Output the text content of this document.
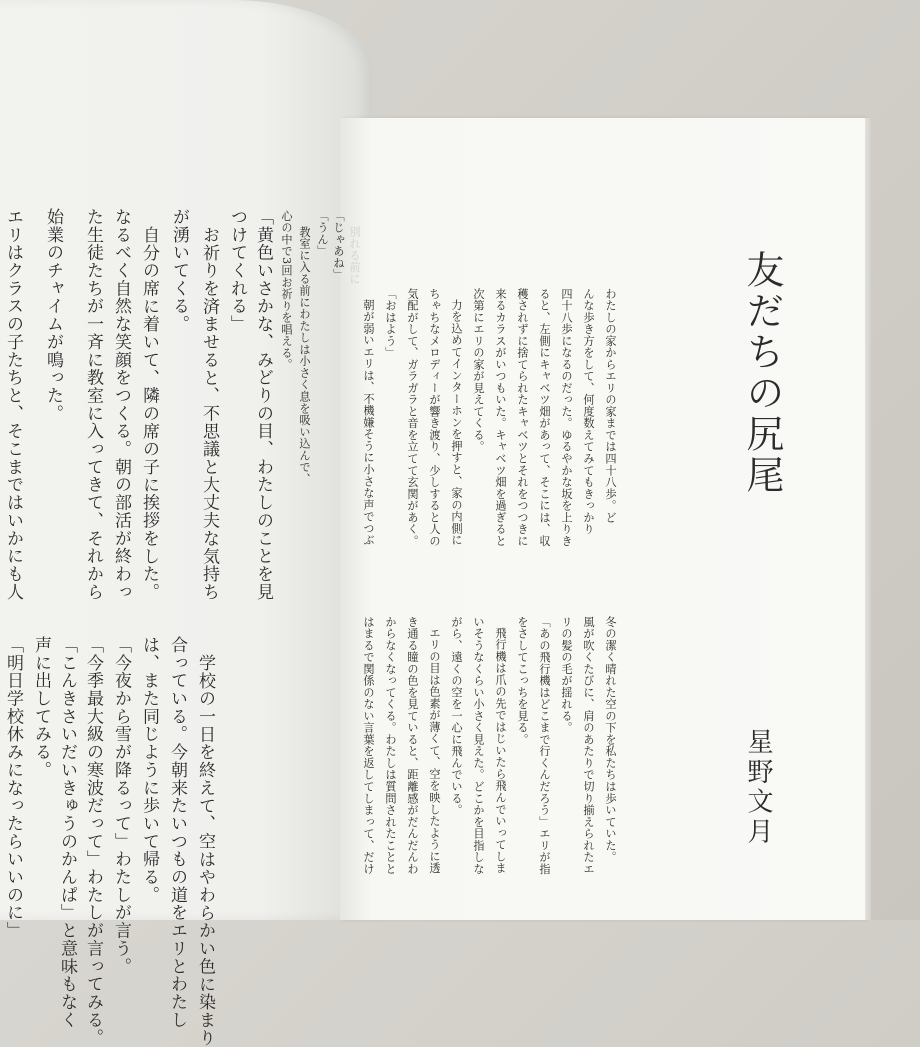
友だちの尻尾
星野文月
わたしの家からエリの家までは四十八歩。ど
んな歩き方をして、何度数えてみてもきっかり
四十八歩になるのだった。ゆるやかな坂を上りき
ると、左側にキャベツ畑があって、そこには、収
穫されずに捨てられたキャベツとそれをつつきに
来るカラスがいつもいた。キャベツ畑を過ぎると
次第にエリの家が見えてくる。
力を込めてインターホンを押すと、家の内側に
ちゃちなメロディーが響き渡り、少しすると人の
気配がして、ガラガラと音を立てて玄関があく。
「おはよう」
朝が弱いエリは、不機嫌そうに小さな声でつぶ
冬の潔く晴れた空の下を私たちは歩いていた。
風が吹くたびに、肩のあたりで切り揃えられたエ
リの髪の毛が揺れる。
「あの飛行機はどこまで行くんだろう」エリが指
をさしてこっちを見る。
飛行機は爪の先ではじいたら飛んでいってしま
いそうなくらい小さく見えた。どこかを目指しな
がら、遠くの空を一心に飛んでいる。
エリの目は色素が薄くて、空を映したように透
き通る瞳の色を見ていると、距離感がだんだんわ
からなくなってくる。わたしは質問されたことと
はまるで関係のない言葉を返してしまって、だけ
エリはクラスの子たちと、そこまではいかにも人 始業のチャイムが鳴った。 た生徒たちが一斉に教室に入ってきて、それから なるべく自然な笑顔をつくる。朝の部活が終わっ 自分の席に着いて、隣の席の子に挨拶をした。 が湧いてくる。 お祈りを済ませると、不思議と大丈夫な気持ち つけてくれる」 「黄色いさかな、みどりの目、わたしのことを見 心の中で3回お祈りを唱える。 教室に入る前にわたしは小さく息を吸い込んで、 「うん」 「じゃあね」 別れる前に
「明日学校休みになったらいいのに」 声に出してみる。 「こんきさいだいきゅうのかんぱ」と意味もなく 「今季最大級の寒波だって」わたしが言ってみる。 「今夜から雪が降るって」わたしが言う。 は、また同じように歩いて帰る。 合っている。今朝来たいつもの道をエリとわたし 学校の一日を終えて、空はやわらかい色に染まり
